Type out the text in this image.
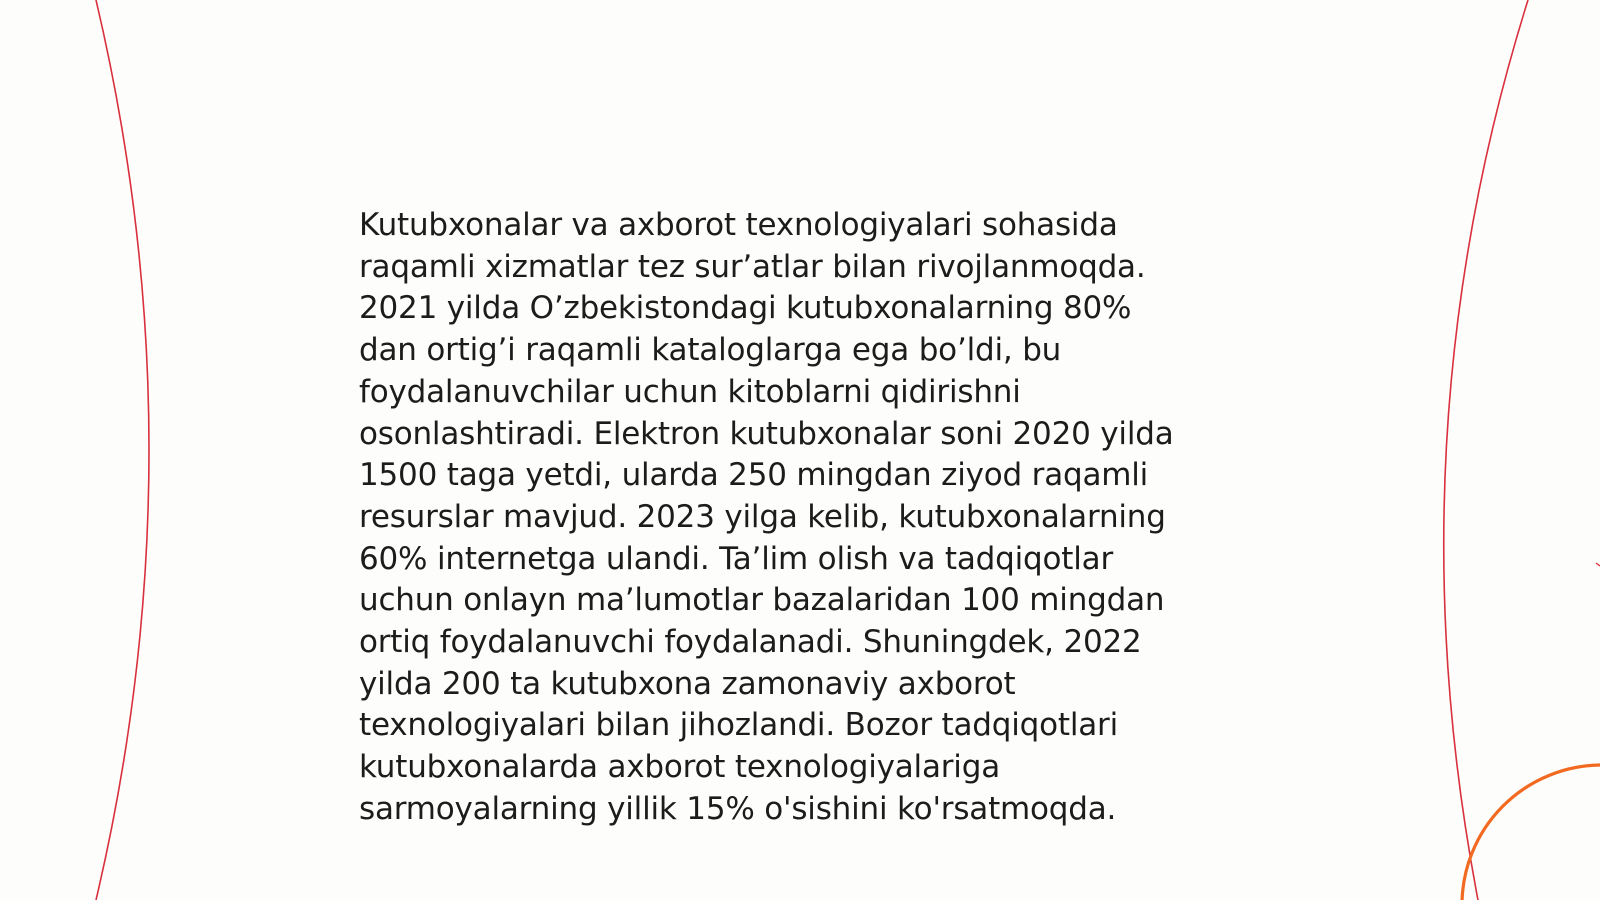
Kutubxonalar va axborot texnologiyalari sohasida
raqamli xizmatlar tez sur’atlar bilan rivojlanmoqda.
2021 yilda O’zbekistondagi kutubxonalarning 80%
dan ortig’i raqamli kataloglarga ega bo’ldi, bu
foydalanuvchilar uchun kitoblarni qidirishni
osonlashtiradi. Elektron kutubxonalar soni 2020 yilda
1500 taga yetdi, ularda 250 mingdan ziyod raqamli
resurslar mavjud. 2023 yilga kelib, kutubxonalarning
60% internetga ulandi. Ta’lim olish va tadqiqotlar
uchun onlayn ma’lumotlar bazalaridan 100 mingdan
ortiq foydalanuvchi foydalanadi. Shuningdek, 2022
yilda 200 ta kutubxona zamonaviy axborot
texnologiyalari bilan jihozlandi. Bozor tadqiqotlari
kutubxonalarda axborot texnologiyalariga
sarmoyalarning yillik 15% o'sishini ko'rsatmoqda.
